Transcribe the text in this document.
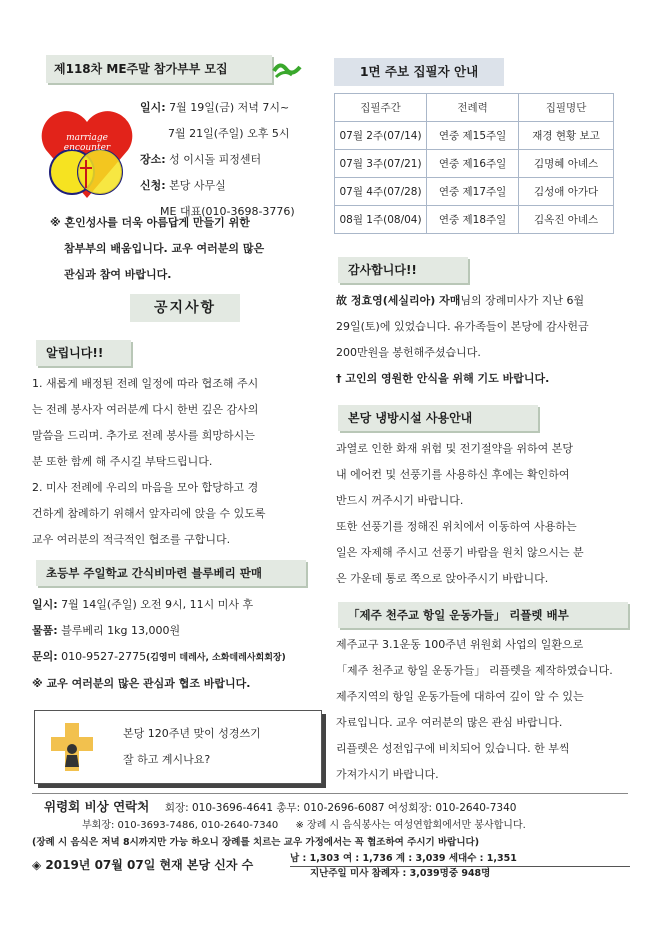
제118차 ME주말 참가부부 모집
marriage
encounter

일시: 7월 19일(금) 저녁 7시~

7월 21일(주일) 오후 5시

장소: 성 이시돌 피정센터

신청: 본당 사무실

ME 대표(010-3698-3776)

※ 혼인성사를 더욱 아름답게 만들기 위한

참부부의 배움입니다. 교우 여러분의 많은

관심과 참여 바랍니다.

공지사항
알립니다!!

1. 새롭게 배정된 전례 일정에 따라 협조해 주시

는 전례 봉사자 여러분께 다시 한번 깊은 감사의

말씀을 드리며. 추가로 전례 봉사를 희망하시는

분 또한 함께 해 주시길 부탁드립니다.

2. 미사 전례에 우리의 마음을 모아 합당하고 경

건하게 참례하기 위해서 앞자리에 앉을 수 있도록

교우 여러분의 적극적인 협조를 구합니다.

초등부 주일학교 간식비마련 블루베리 판매

일시: 7월 14일(주일) 오전 9시, 11시 미사 후

물품: 블루베리 1kg 13,000원

문의: 010-9527-2775(김영미 데레사, 소화데레사회회장)

※ 교우 여러분의 많은 관심과 협조 바랍니다.

본당 120주년 맞이 성경쓰기

잘 하고 계시나요?

1면 주보 집필자 안내
집필주간	전례력	집필명단
07월 2주(07/14)	연중 제15주일	재경 현황 보고
07월 3주(07/21)	연중 제16주일	김명혜 아녜스
07월 4주(07/28)	연중 제17주일	김성애 아가다
08월 1주(08/04)	연중 제18주일	김옥진 아녜스
감사합니다!!

故 정효영(세실리아) 자매님의 장례미사가 지난 6월

29일(토)에 있었습니다. 유가족들이 본당에 감사헌금

200만원을 봉헌해주셨습니다.

† 고인의 영원한 안식을 위해 기도 바랍니다.

본당 냉방시설 사용안내

과열로 인한 화재 위험 및 전기절약을 위하여 본당

내 에어컨 및 선풍기를 사용하신 후에는 확인하여

반드시 꺼주시기 바랍니다.

또한 선풍기를 정해진 위치에서 이동하여 사용하는

일은 자제해 주시고 선풍기 바람을 원치 않으시는 분

은 가운데 통로 쪽으로 앉아주시기 바랍니다.

「제주 천주교 항일 운동가들」 리플렛 배부

제주교구 3.1운동 100주년 위원회 사업의 일환으로

「제주 천주교 항일 운동가들」 리플렛을 제작하였습니다.

제주지역의 항일 운동가들에 대하여 깊이 알 수 있는

자료입니다. 교우 여러분의 많은 관심 바랍니다.

리플렛은 성전입구에 비치되어 있습니다. 한 부씩

가져가시기 바랍니다.

위령회 비상 연락처 회장: 010-3696-4641 총무: 010-2696-6087 여성회장: 010-2640-7340
부회장: 010-3693-7486, 010-2640-7340 ※ 장례 시 음식봉사는 여성연합회에서만 봉사합니다.
(장례 시 음식은 저녁 8시까지만 가능 하오니 장례를 치르는 교우 가정에서는 꼭 협조하여 주시기 바랍니다)
◈ 2019년 07월 07일 현재 본당 신자 수	남 : 1,303 여 : 1,736 계 : 3,039 세대수 : 1,351
지난주일 미사 참례자 : 3,039명중 948명
